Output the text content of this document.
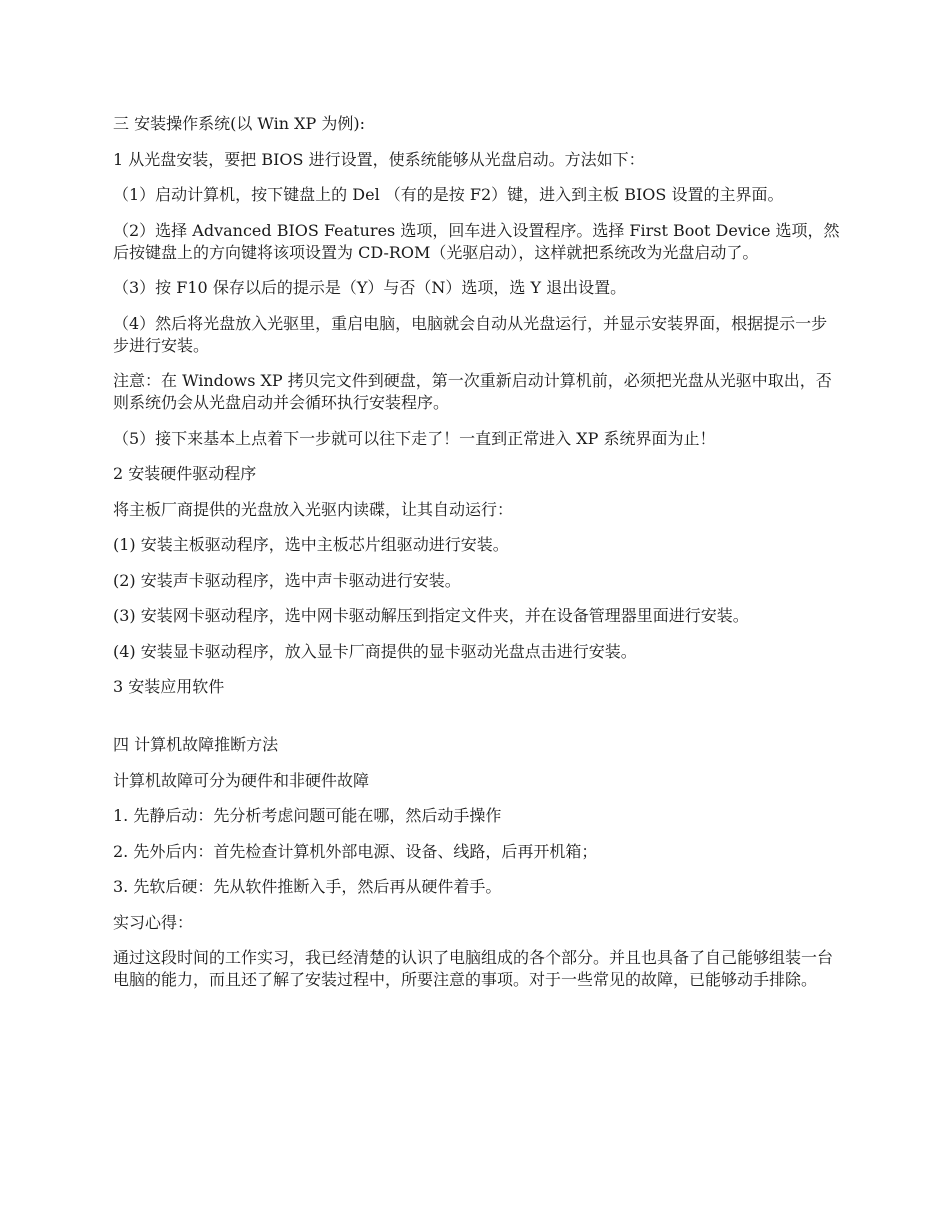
三 安装操作系统(以 Win XP 为例):

1 从光盘安装，要把 BIOS 进行设置，使系统能够从光盘启动。方法如下：

（1）启动计算机，按下键盘上的 Del （有的是按 F2）键，进入到主板 BIOS 设置的主界面。

（2）选择 Advanced BIOS Features 选项，回车进入设置程序。选择 First Boot Device 选项，然后按键盘上的方向键将该项设置为 CD-ROM（光驱启动），这样就把系统改为光盘启动了。

（3）按 F10 保存以后的提示是（Y）与否（N）选项，选 Y 退出设置。

（4）然后将光盘放入光驱里，重启电脑，电脑就会自动从光盘运行，并显示安装界面，根据提示一步步进行安装。

注意：在 Windows XP 拷贝完文件到硬盘，第一次重新启动计算机前，必须把光盘从光驱中取出，否则系统仍会从光盘启动并会循环执行安装程序。

（5）接下来基本上点着下一步就可以往下走了！一直到正常进入 XP 系统界面为止！

2 安装硬件驱动程序

将主板厂商提供的光盘放入光驱内读碟，让其自动运行：

(1) 安装主板驱动程序，选中主板芯片组驱动进行安装。

(2) 安装声卡驱动程序，选中声卡驱动进行安装。

(3) 安装网卡驱动程序，选中网卡驱动解压到指定文件夹，并在设备管理器里面进行安装。

(4) 安装显卡驱动程序，放入显卡厂商提供的显卡驱动光盘点击进行安装。

3 安装应用软件

四 计算机故障推断方法

计算机故障可分为硬件和非硬件故障

1. 先静后动：先分析考虑问题可能在哪，然后动手操作

2. 先外后内：首先检查计算机外部电源、设备、线路，后再开机箱；

3. 先软后硬：先从软件推断入手，然后再从硬件着手。

实习心得：

通过这段时间的工作实习，我已经清楚的认识了电脑组成的各个部分。并且也具备了自己能够组装一台电脑的能力，而且还了解了安装过程中，所要注意的事项。对于一些常见的故障，已能够动手排除。
